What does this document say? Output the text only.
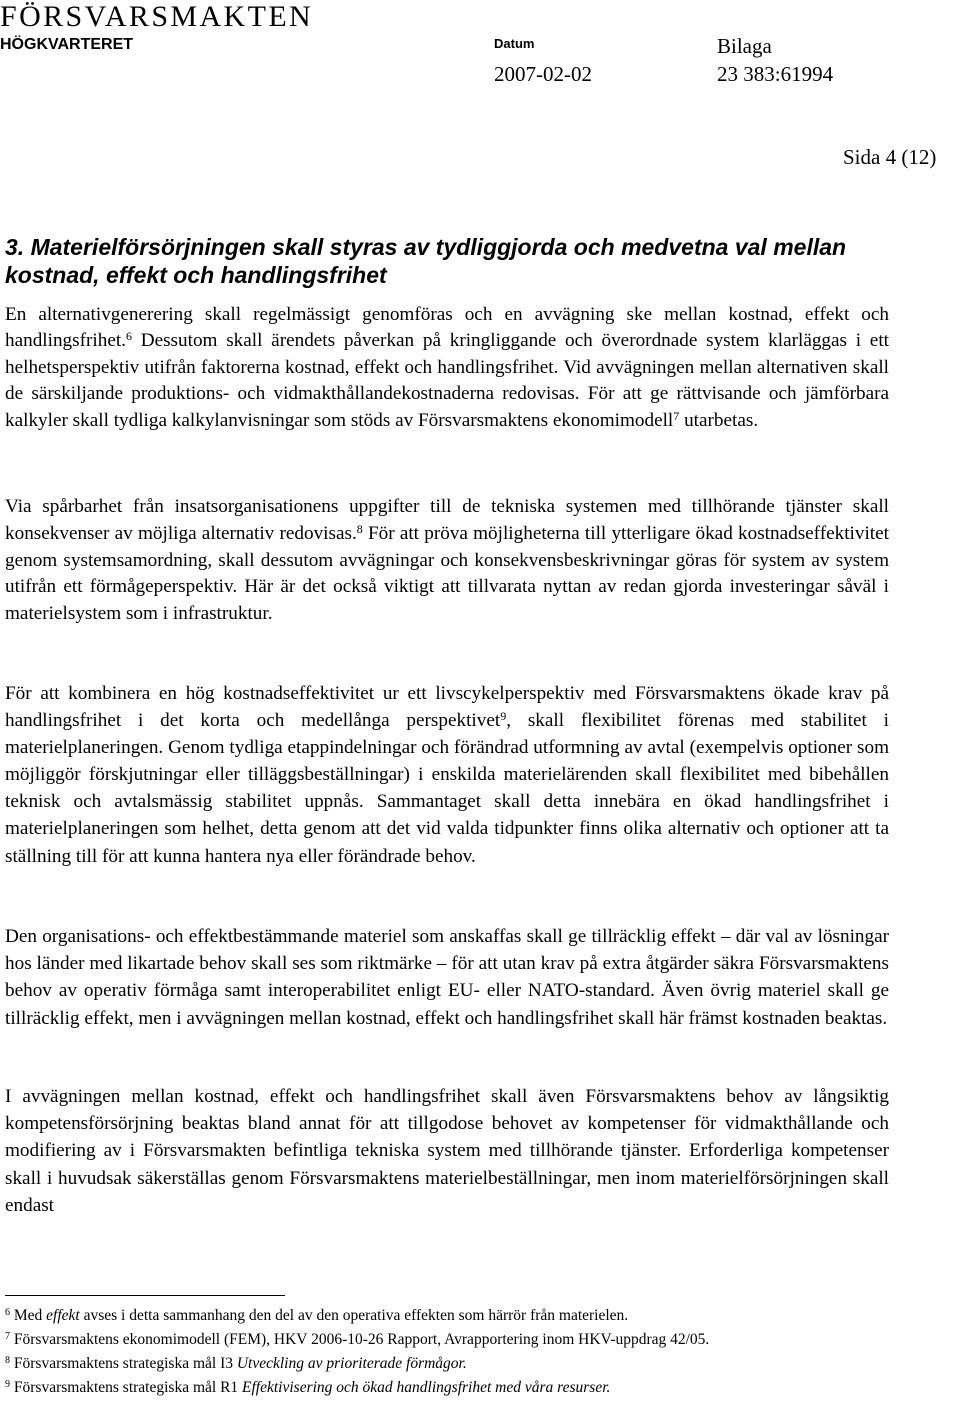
FÖRSVARSMAKTEN
HÖGKVARTERET	Datum	Bilaga
2007-02-02	23 383:61994
Sida 4 (12)
3. Materielförsörjningen skall styras av tydliggjorda och medvetna val mellan kostnad, effekt och handlingsfrihet

En alternativgenerering skall regelmässigt genomföras och en avvägning ske mellan kostnad, effekt och handlingsfrihet.$^6$ Dessutom skall ärendets påverkan på kringliggande och överordnade system klarläggas i ett helhetsperspektiv utifrån faktorerna kostnad, effekt och handlingsfrihet. Vid avvägningen mellan alternativen skall de särskiljande produktions- och vidmakthållandekostnaderna redovisas. För att ge rättvisande och jämförbara kalkyler skall tydliga kalkylanvisningar som stöds av Försvarsmaktens ekonomimodell$^7$ utarbetas.

Via spårbarhet från insatsorganisationens uppgifter till de tekniska systemen med tillhörande tjänster skall konsekvenser av möjliga alternativ redovisas.$^8$ För att pröva möjligheterna till ytterligare ökad kostnadseffektivitet genom systemsamordning, skall dessutom avvägningar och konsekvensbeskrivningar göras för system av system utifrån ett förmågeperspektiv. Här är det också viktigt att tillvarata nyttan av redan gjorda investeringar såväl i materielsystem som i infrastruktur.

För att kombinera en hög kostnadseffektivitet ur ett livscykelperspektiv med Försvarsmaktens ökade krav på handlingsfrihet i det korta och medellånga perspektivet$^9$, skall flexibilitet förenas med stabilitet i materielplaneringen. Genom tydliga etappindelningar och förändrad utformning av avtal (exempelvis optioner som möjliggör förskjutningar eller tilläggsbeställningar) i enskilda materielärenden skall flexibilitet med bibehållen teknisk och avtalsmässig stabilitet uppnås. Sammantaget skall detta innebära en ökad handlingsfrihet i materielplaneringen som helhet, detta genom att det vid valda tidpunkter finns olika alternativ och optioner att ta ställning till för att kunna hantera nya eller förändrade behov.

Den organisations- och effektbestämmande materiel som anskaffas skall ge tillräcklig effekt – där val av lösningar hos länder med likartade behov skall ses som riktmärke – för att utan krav på extra åtgärder säkra Försvarsmaktens behov av operativ förmåga samt interoperabilitet enligt EU- eller NATO-standard. Även övrig materiel skall ge tillräcklig effekt, men i avvägningen mellan kostnad, effekt och handlingsfrihet skall här främst kostnaden beaktas.

I avvägningen mellan kostnad, effekt och handlingsfrihet skall även Försvarsmaktens behov av långsiktig kompetensförsörjning beaktas bland annat för att tillgodose behovet av kompetenser för vidmakthållande och modifiering av i Försvarsmakten befintliga tekniska system med tillhörande tjänster. Erforderliga kompetenser skall i huvudsak säkerställas genom Försvarsmaktens materielbeställningar, men inom materielförsörjningen skall endast

$^6$ Med effekt avses i detta sammanhang den del av den operativa effekten som härrör från materielen.

$^7$ Försvarsmaktens ekonomimodell (FEM), HKV 2006-10-26 Rapport, Avrapportering inom HKV-uppdrag 42/05.

$^8$ Försvarsmaktens strategiska mål I3 Utveckling av prioriterade förmågor.

$^9$ Försvarsmaktens strategiska mål R1 Effektivisering och ökad handlingsfrihet med våra resurser.
